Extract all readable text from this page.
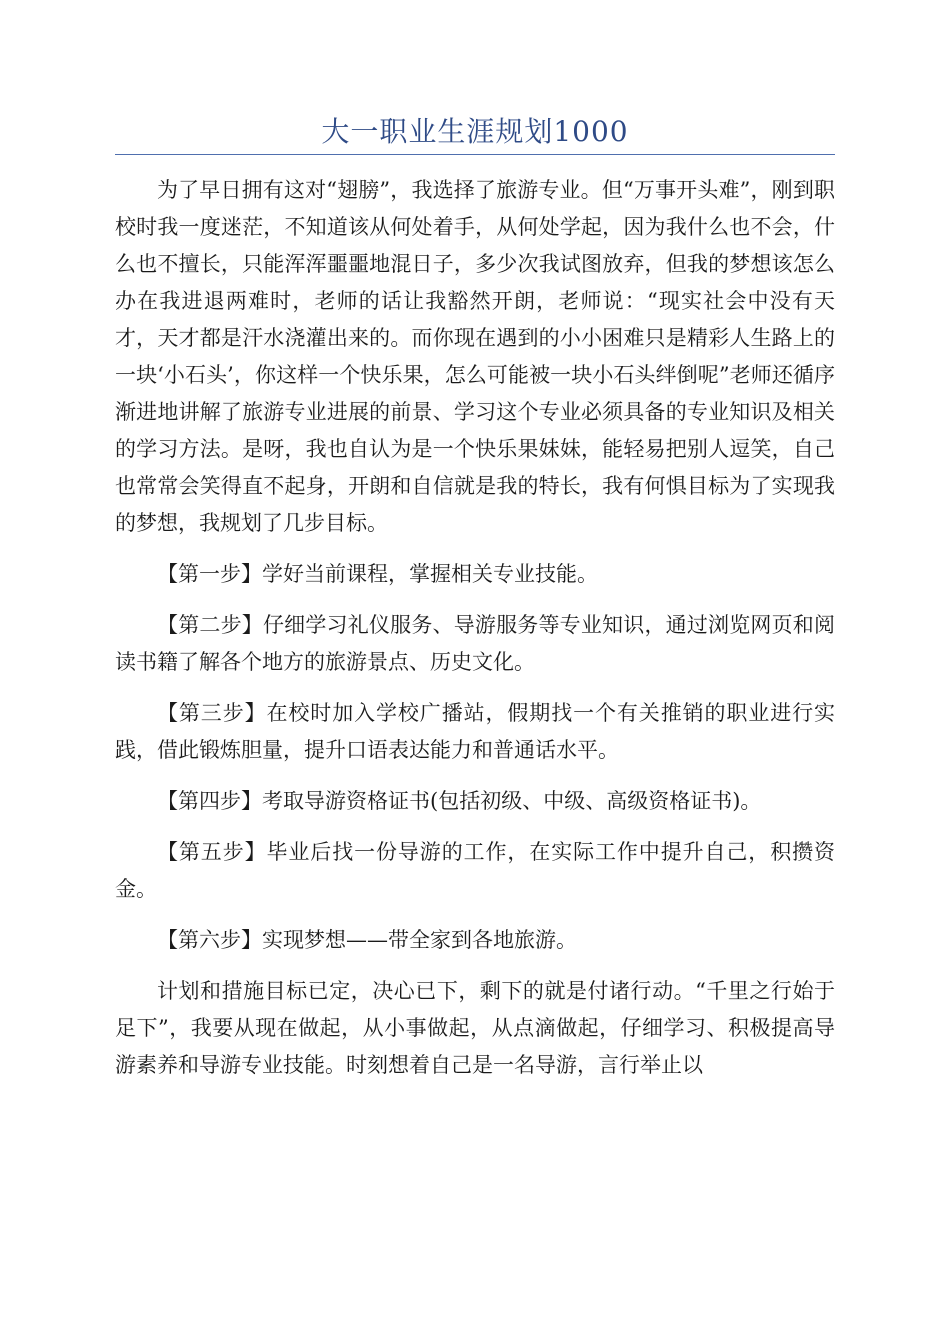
大一职业生涯规划1000

为了早日拥有这对“翅膀”，我选择了旅游专业。但“万事开头难”，刚到职校时我一度迷茫，不知道该从何处着手，从何处学起，因为我什么也不会，什么也不擅长，只能浑浑噩噩地混日子，多少次我试图放弃，但我的梦想该怎么办在我进退两难时，老师的话让我豁然开朗，老师说：“现实社会中没有天才，天才都是汗水浇灌出来的。而你现在遇到的小小困难只是精彩人生路上的一块‘小石头’，你这样一个快乐果，怎么可能被一块小石头绊倒呢”老师还循序渐进地讲解了旅游专业进展的前景、学习这个专业必须具备的专业知识及相关的学习方法。是呀，我也自认为是一个快乐果妹妹，能轻易把别人逗笑，自己也常常会笑得直不起身，开朗和自信就是我的特长，我有何惧目标为了实现我的梦想，我规划了几步目标。

【第一步】学好当前课程，掌握相关专业技能。

【第二步】仔细学习礼仪服务、导游服务等专业知识，通过浏览网页和阅读书籍了解各个地方的旅游景点、历史文化。

【第三步】在校时加入学校广播站，假期找一个有关推销的职业进行实践，借此锻炼胆量，提升口语表达能力和普通话水平。

【第四步】考取导游资格证书(包括初级、中级、高级资格证书)。

【第五步】毕业后找一份导游的工作，在实际工作中提升自己，积攒资金。

【第六步】实现梦想——带全家到各地旅游。

计划和措施目标已定，决心已下，剩下的就是付诸行动。“千里之行始于足下”，我要从现在做起，从小事做起，从点滴做起，仔细学习、积极提高导游素养和导游专业技能。时刻想着自己是一名导游，言行举止以
